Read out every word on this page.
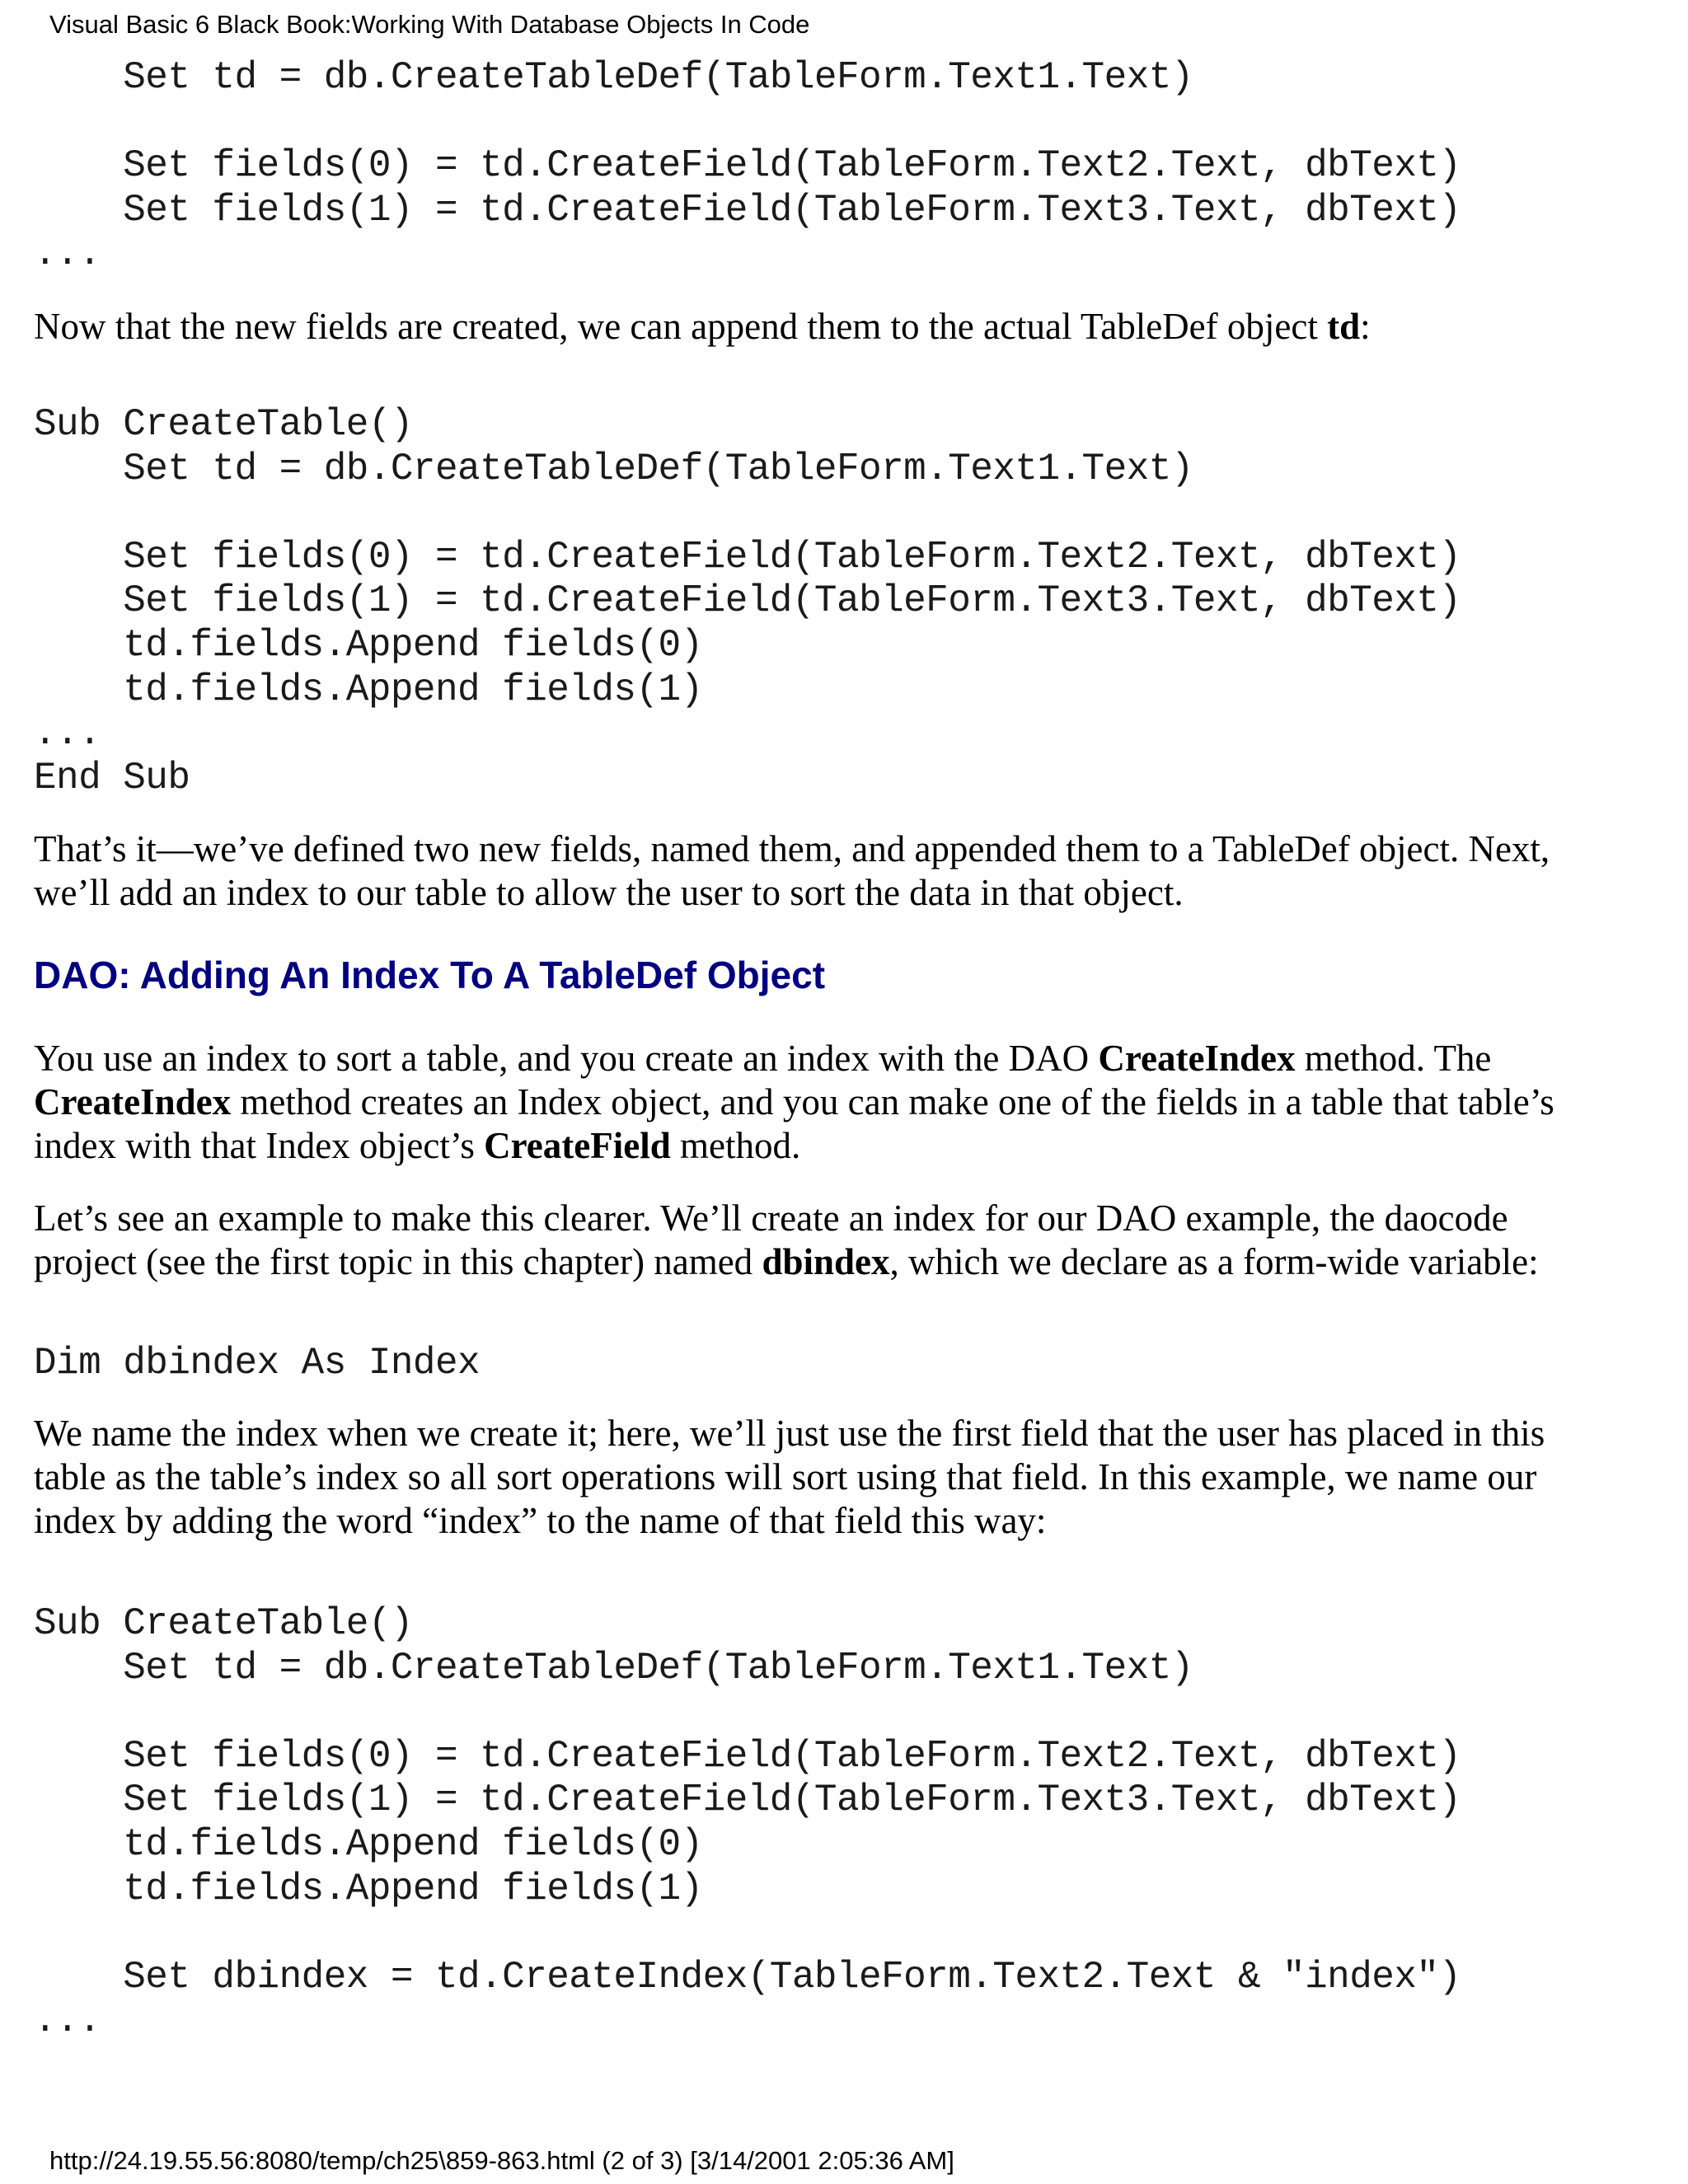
Visual Basic 6 Black Book:Working With Database Objects In Code
Set td = db.CreateTableDef(TableForm.Text1.Text)

Set fields(0) = td.CreateField(TableForm.Text2.Text, dbText)
Set fields(1) = td.CreateField(TableForm.Text3.Text, dbText)
...

Now that the new fields are created, we can append them to the actual TableDef object td:

Sub CreateTable()
Set td = db.CreateTableDef(TableForm.Text1.Text)

Set fields(0) = td.CreateField(TableForm.Text2.Text, dbText)
Set fields(1) = td.CreateField(TableForm.Text3.Text, dbText)
td.fields.Append fields(0)
td.fields.Append fields(1)
...
End Sub

That’s it—we’ve defined two new fields, named them, and appended them to a TableDef object. Next,
we’ll add an index to our table to allow the user to sort the data in that object.

DAO: Adding An Index To A TableDef Object

You use an index to sort a table, and you create an index with the DAO CreateIndex method. The
CreateIndex method creates an Index object, and you can make one of the fields in a table that table’s
index with that Index object’s CreateField method.

Let’s see an example to make this clearer. We’ll create an index for our DAO example, the daocode
project (see the first topic in this chapter) named dbindex, which we declare as a form-wide variable:

Dim dbindex As Index

We name the index when we create it; here, we’ll just use the first field that the user has placed in this
table as the table’s index so all sort operations will sort using that field. In this example, we name our
index by adding the word “index” to the name of that field this way:

Sub CreateTable()
Set td = db.CreateTableDef(TableForm.Text1.Text)

Set fields(0) = td.CreateField(TableForm.Text2.Text, dbText)
Set fields(1) = td.CreateField(TableForm.Text3.Text, dbText)
td.fields.Append fields(0)
td.fields.Append fields(1)

Set dbindex = td.CreateIndex(TableForm.Text2.Text & "index")
...
http://24.19.55.56:8080/temp/ch25\859-863.html (2 of 3) [3/14/2001 2:05:36 AM]
